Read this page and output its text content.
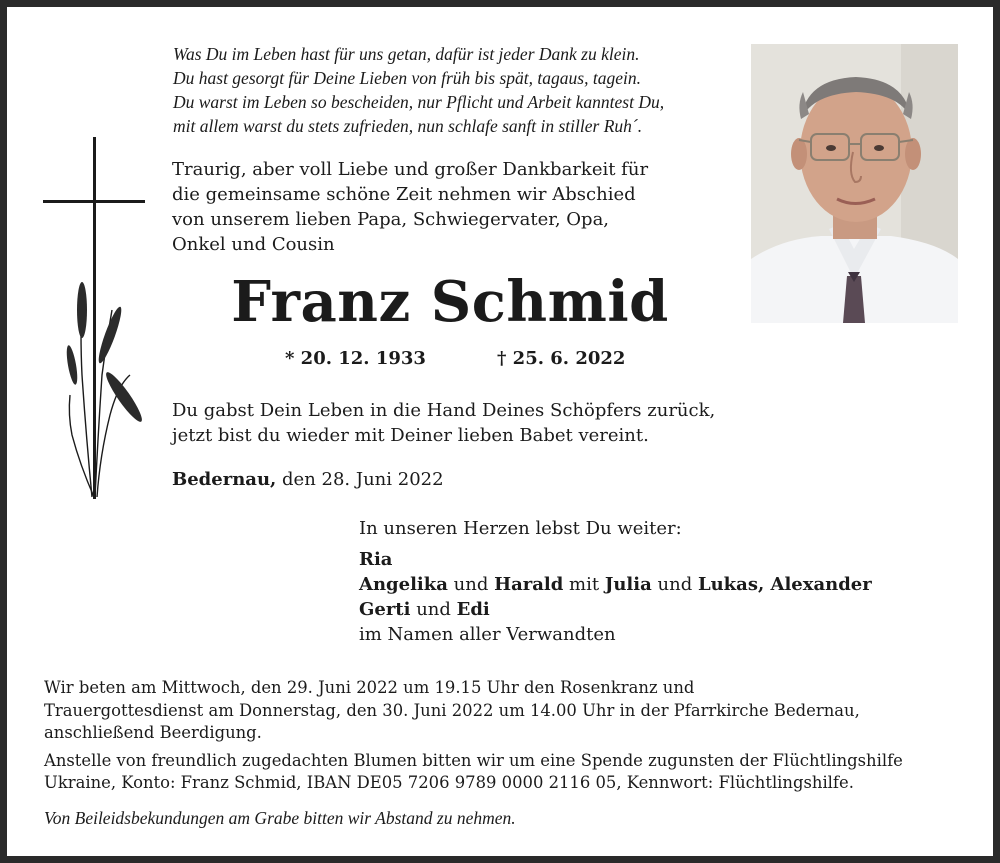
Was Du im Leben hast für uns getan, dafür ist jeder Dank zu klein.
Du hast gesorgt für Deine Lieben von früh bis spät, tagaus, tagein.
Du warst im Leben so bescheiden, nur Pflicht und Arbeit kanntest Du,
mit allem warst du stets zufrieden, nun schlafe sanft in stiller Ruh´.
Traurig, aber voll Liebe und großer Dankbarkeit für
die gemeinsame schöne Zeit nehmen wir Abschied
von unserem lieben Papa, Schwiegervater, Opa,
Onkel und Cousin
Franz Schmid
* 20. 12. 1933	† 25. 6. 2022
Du gabst Dein Leben in die Hand Deines Schöpfers zurück,
jetzt bist du wieder mit Deiner lieben Babet vereint.
Bedernau, den 28. Juni 2022
In unseren Herzen lebst Du weiter:
Ria
Angelika und Harald mit Julia und Lukas, Alexander
Gerti und Edi
im Namen aller Verwandten
Wir beten am Mittwoch, den 29. Juni 2022 um 19.15 Uhr den Rosenkranz und
Trauergottesdienst am Donnerstag, den 30. Juni 2022 um 14.00 Uhr in der Pfarrkirche Bedernau,
anschließend Beerdigung.
Anstelle von freundlich zugedachten Blumen bitten wir um eine Spende zugunsten der Flüchtlingshilfe
Ukraine, Konto: Franz Schmid, IBAN DE05 7206 9789 0000 2116 05, Kennwort: Flüchtlingshilfe.
Von Beileidsbekundungen am Grabe bitten wir Abstand zu nehmen.
